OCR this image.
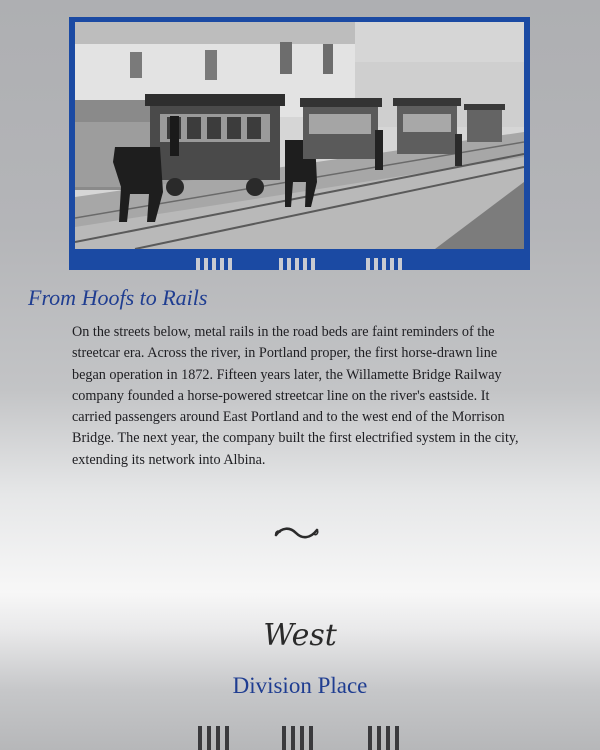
From Hoofs to Rails

On the streets below, metal rails in the road beds are faint reminders of the streetcar era. Across the river, in Portland proper, the first horse-drawn line began operation in 1872. Fifteen years later, the Willamette Bridge Railway company founded a horse-powered streetcar line on the river's eastside. It carried passengers around East Portland and to the west end of the Morrison Bridge. The next year, the company built the first electrified system in the city, extending its network into Albina.

West
Division Place
